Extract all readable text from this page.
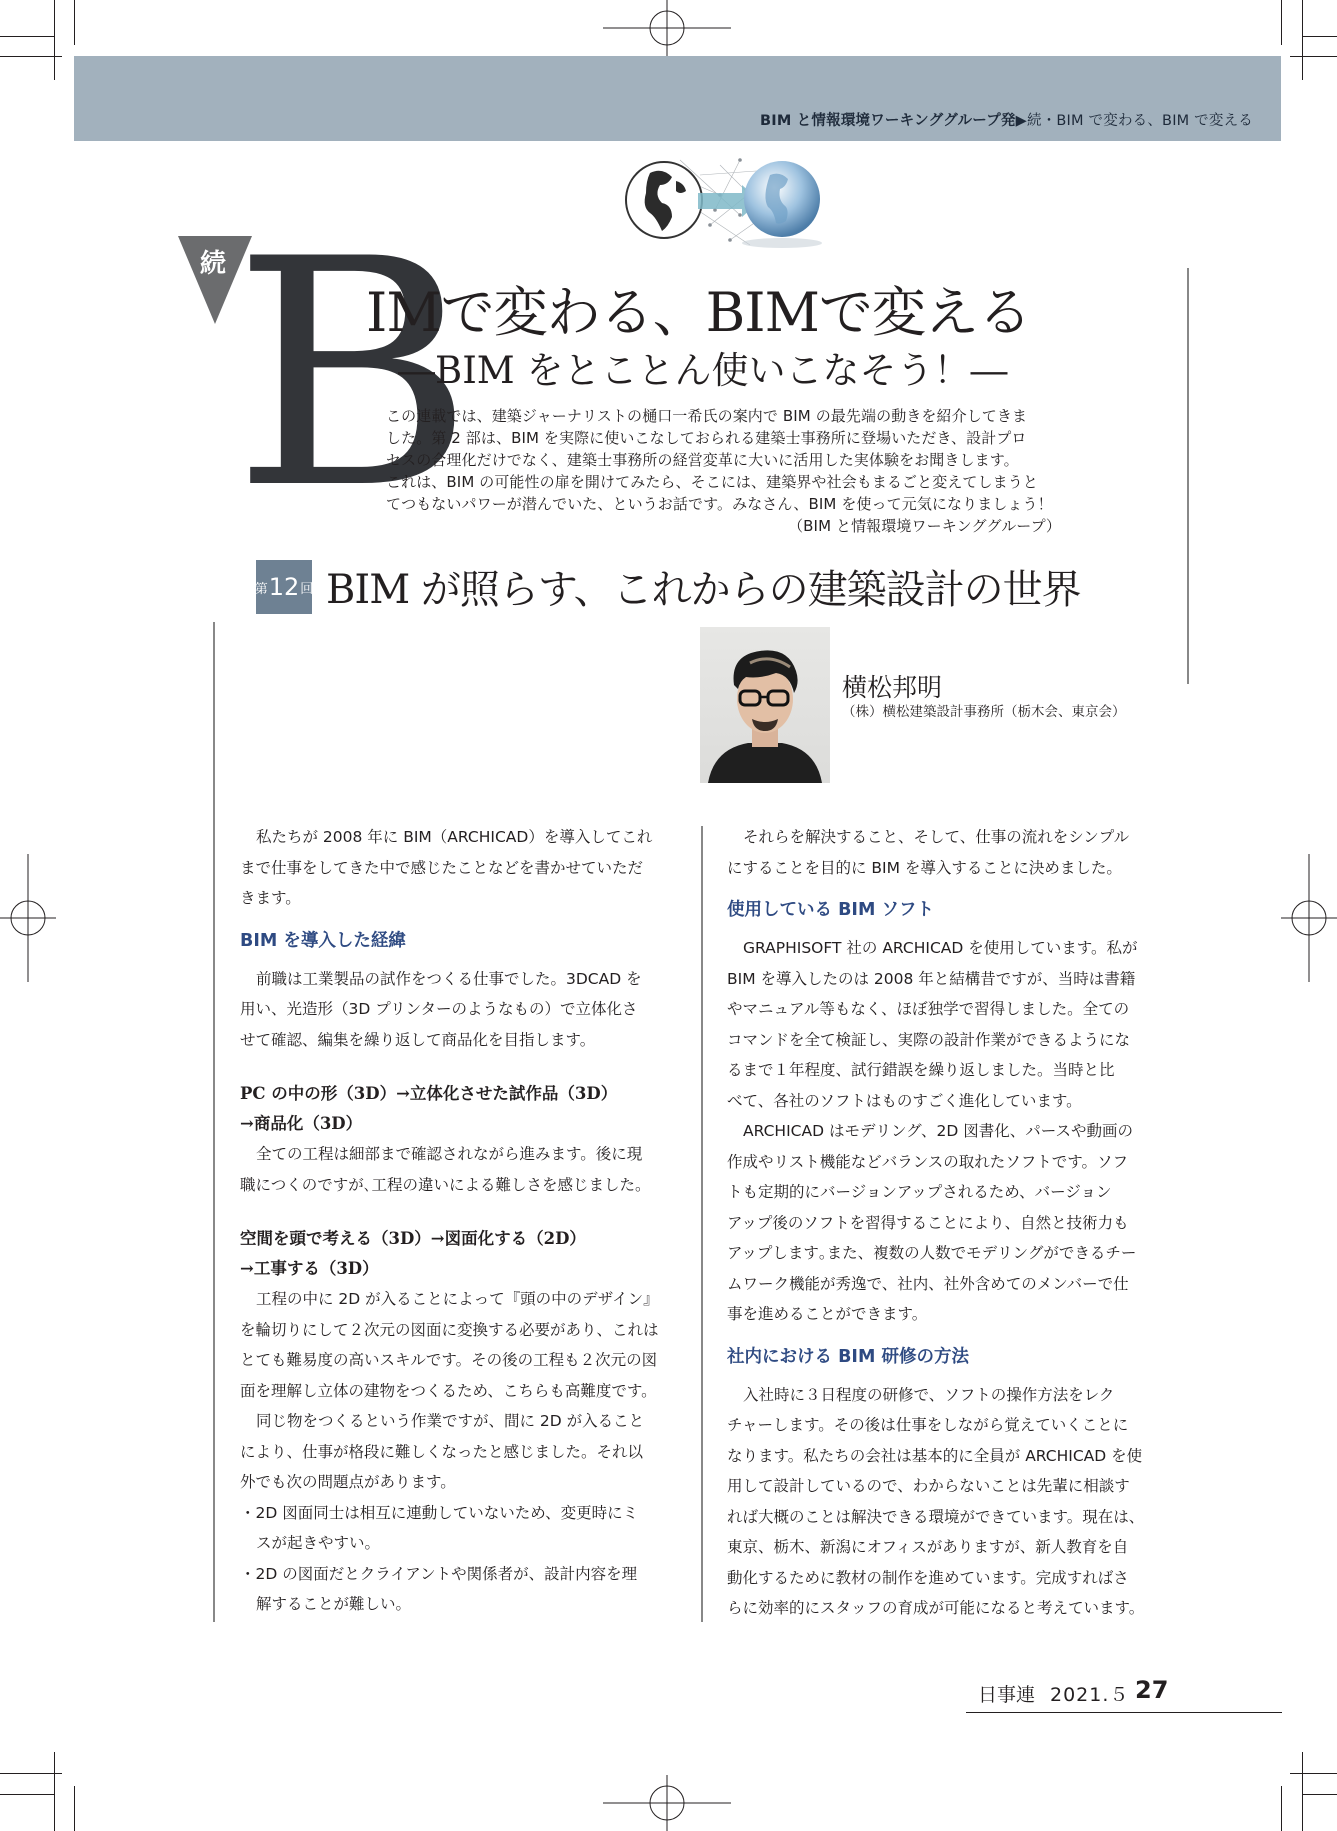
BIM と情報環境ワーキンググループ発▶続・BIM で変わる、BIM で変える
続 B
IMで変わる、BIMで変える
―BIM をとことん使いこなそう！―

この連載では、建築ジャーナリストの樋口一希氏の案内で BIM の最先端の動きを紹介してきま

した。第 2 部は、BIM を実際に使いこなしておられる建築士事務所に登場いただき、設計プロ

セスの合理化だけでなく、建築士事務所の経営変革に大いに活用した実体験をお聞きします。

これは、BIM の可能性の扉を開けてみたら、そこには、建築界や社会もまるごと変えてしまうと

てつもないパワーが潜んでいた、というお話です。みなさん、BIM を使って元気になりましょう！

（BIM と情報環境ワーキンググループ）

第 12 回 BIM が照らす、これからの建築設計の世界
横松邦明
（株）横松建築設計事務所（栃木会、東京会）

私たちが 2008 年に BIM（ARCHICAD）を導入してこれ

まで仕事をしてきた中で感じたことなどを書かせていただ

きます。

BIM を導入した経緯

前職は工業製品の試作をつくる仕事でした。3DCAD を

用い、光造形（3D プリンターのようなもの）で立体化さ

せて確認、編集を繰り返して商品化を目指します。

PC の中の形（3D）→立体化させた試作品（3D）

→商品化（3D）

全ての工程は細部まで確認されながら進みます。後に現

職につくのですが､工程の違いによる難しさを感じました。

空間を頭で考える（3D）→図面化する（2D）

→工事する（3D）

工程の中に 2D が入ることによって『頭の中のデザイン』

を輪切りにして２次元の図面に変換する必要があり、これは

とても難易度の高いスキルです。その後の工程も２次元の図

面を理解し立体の建物をつくるため、こちらも高難度です。

同じ物をつくるという作業ですが、間に 2D が入ること

により、仕事が格段に難しくなったと感じました。それ以

外でも次の問題点があります。

・2D 図面同士は相互に連動していないため、変更時にミ

スが起きやすい。

・2D の図面だとクライアントや関係者が、設計内容を理

解することが難しい。

それらを解決すること、そして、仕事の流れをシンプル

にすることを目的に BIM を導入することに決めました。

使用している BIM ソフト

GRAPHISOFT 社の ARCHICAD を使用しています。私が

BIM を導入したのは 2008 年と結構昔ですが、当時は書籍

やマニュアル等もなく、ほぼ独学で習得しました。全ての

コマンドを全て検証し、実際の設計作業ができるようにな

るまで１年程度、試行錯誤を繰り返しました。当時と比

べて、各社のソフトはものすごく進化しています。

ARCHICAD はモデリング、2D 図書化、パースや動画の

作成やリスト機能などバランスの取れたソフトです。ソフ

トも定期的にバージョンアップされるため、バージョン

アップ後のソフトを習得することにより、自然と技術力も

アップします｡また、複数の人数でモデリングができるチー

ムワーク機能が秀逸で、社内、社外含めてのメンバーで仕

事を進めることができます。

社内における BIM 研修の方法

入社時に３日程度の研修で、ソフトの操作方法をレク

チャーします。その後は仕事をしながら覚えていくことに

なります。私たちの会社は基本的に全員が ARCHICAD を使

用して設計しているので、わからないことは先輩に相談す

れば大概のことは解決できる環境ができています。現在は、

東京、栃木、新潟にオフィスがありますが、新人教育を自

動化するために教材の制作を進めています。完成すればさ

らに効率的にスタッフの育成が可能になると考えています。

日事連 2021.５ 27
